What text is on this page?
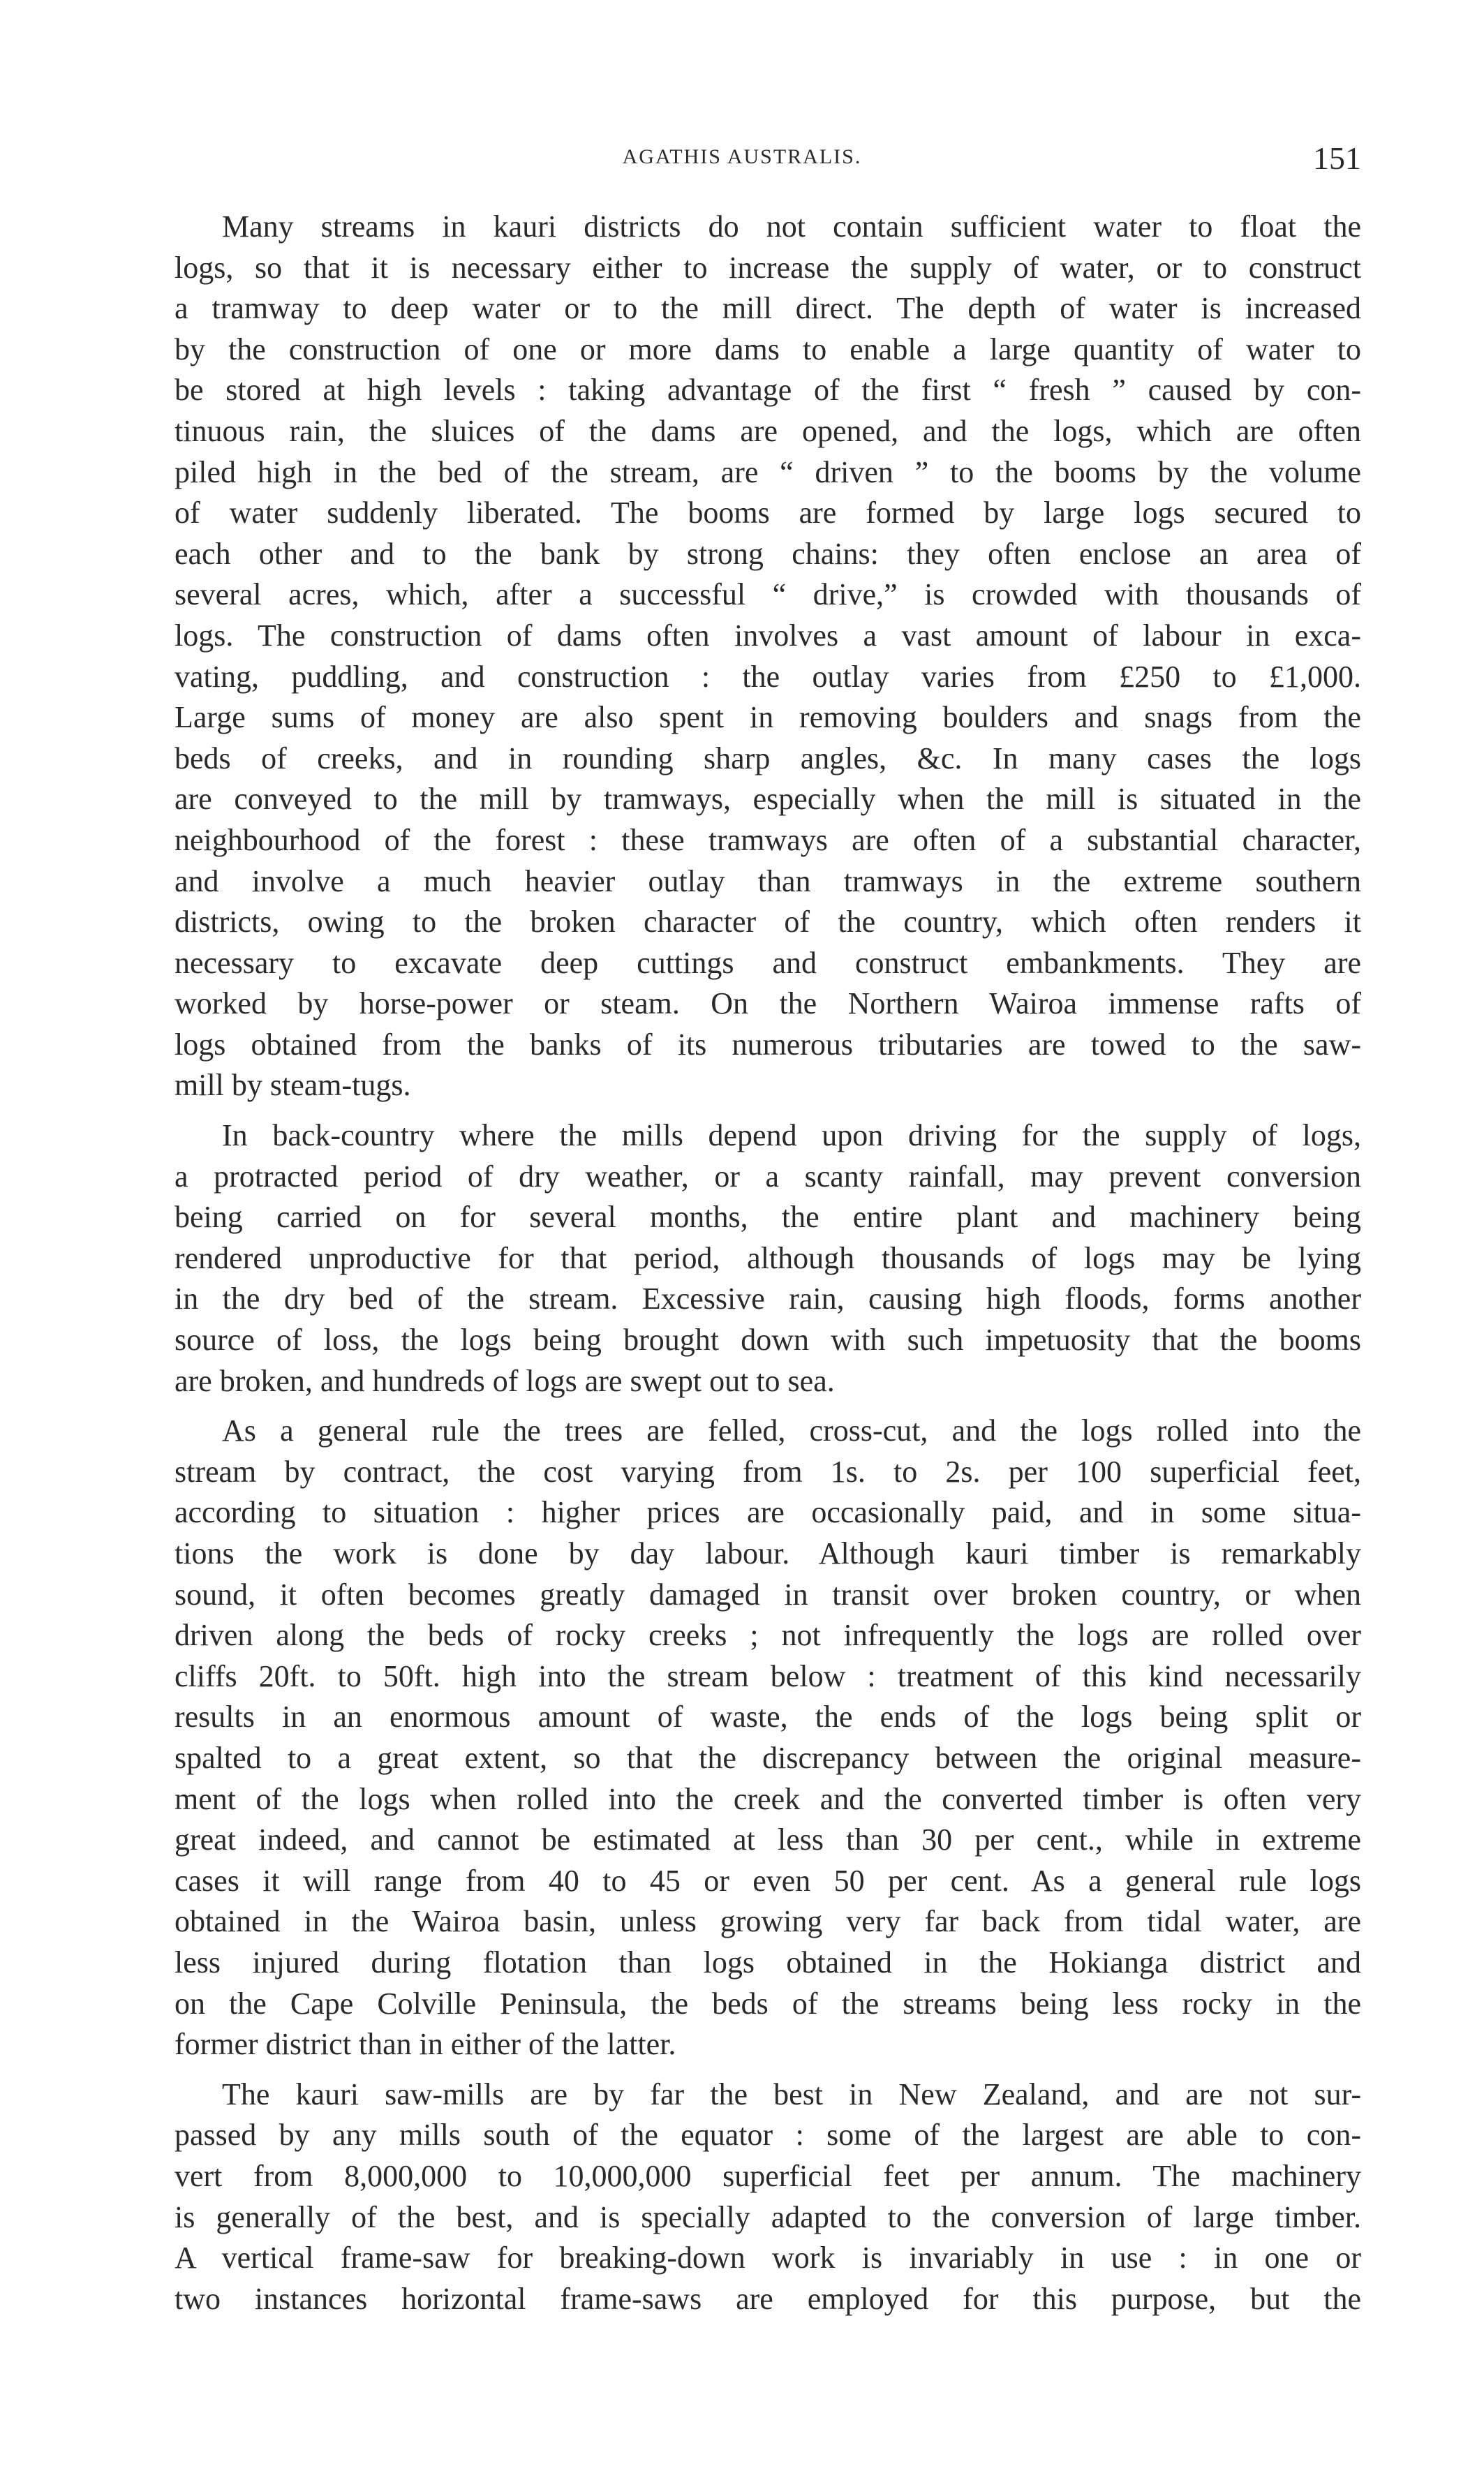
AGATHIS AUSTRALIS.	151
Many streams in kauri districts do not contain sufficient water to float the
logs, so that it is necessary either to increase the supply of water, or to construct
a tramway to deep water or to the mill direct. The depth of water is increased
by the construction of one or more dams to enable a large quantity of water to
be stored at high levels : taking advantage of the first “ fresh ” caused by con-
tinuous rain, the sluices of the dams are opened, and the logs, which are often
piled high in the bed of the stream, are “ driven ” to the booms by the volume
of water suddenly liberated. The booms are formed by large logs secured to
each other and to the bank by strong chains: they often enclose an area of
several acres, which, after a successful “ drive,” is crowded with thousands of
logs. The construction of dams often involves a vast amount of labour in exca-
vating, puddling, and construction : the outlay varies from £250 to £1,000.
Large sums of money are also spent in removing boulders and snags from the
beds of creeks, and in rounding sharp angles, &c. In many cases the logs
are conveyed to the mill by tramways, especially when the mill is situated in the
neighbourhood of the forest : these tramways are often of a substantial character,
and involve a much heavier outlay than tramways in the extreme southern
districts, owing to the broken character of the country, which often renders it
necessary to excavate deep cuttings and construct embankments. They are
worked by horse-power or steam. On the Northern Wairoa immense rafts of
logs obtained from the banks of its numerous tributaries are towed to the saw-
mill by steam-tugs.
In back-country where the mills depend upon driving for the supply of logs,
a protracted period of dry weather, or a scanty rainfall, may prevent conversion
being carried on for several months, the entire plant and machinery being
rendered unproductive for that period, although thousands of logs may be lying
in the dry bed of the stream. Excessive rain, causing high floods, forms another
source of loss, the logs being brought down with such impetuosity that the booms
are broken, and hundreds of logs are swept out to sea.
As a general rule the trees are felled, cross-cut, and the logs rolled into the
stream by contract, the cost varying from 1s. to 2s. per 100 superficial feet,
according to situation : higher prices are occasionally paid, and in some situa-
tions the work is done by day labour. Although kauri timber is remarkably
sound, it often becomes greatly damaged in transit over broken country, or when
driven along the beds of rocky creeks ; not infrequently the logs are rolled over
cliffs 20ft. to 50ft. high into the stream below : treatment of this kind necessarily
results in an enormous amount of waste, the ends of the logs being split or
spalted to a great extent, so that the discrepancy between the original measure-
ment of the logs when rolled into the creek and the converted timber is often very
great indeed, and cannot be estimated at less than 30 per cent., while in extreme
cases it will range from 40 to 45 or even 50 per cent. As a general rule logs
obtained in the Wairoa basin, unless growing very far back from tidal water, are
less injured during flotation than logs obtained in the Hokianga district and
on the Cape Colville Peninsula, the beds of the streams being less rocky in the
former district than in either of the latter.
The kauri saw-mills are by far the best in New Zealand, and are not sur-
passed by any mills south of the equator : some of the largest are able to con-
vert from 8,000,000 to 10,000,000 superficial feet per annum. The machinery
is generally of the best, and is specially adapted to the conversion of large timber.
A vertical frame-saw for breaking-down work is invariably in use : in one or
two instances horizontal frame-saws are employed for this purpose, but the
